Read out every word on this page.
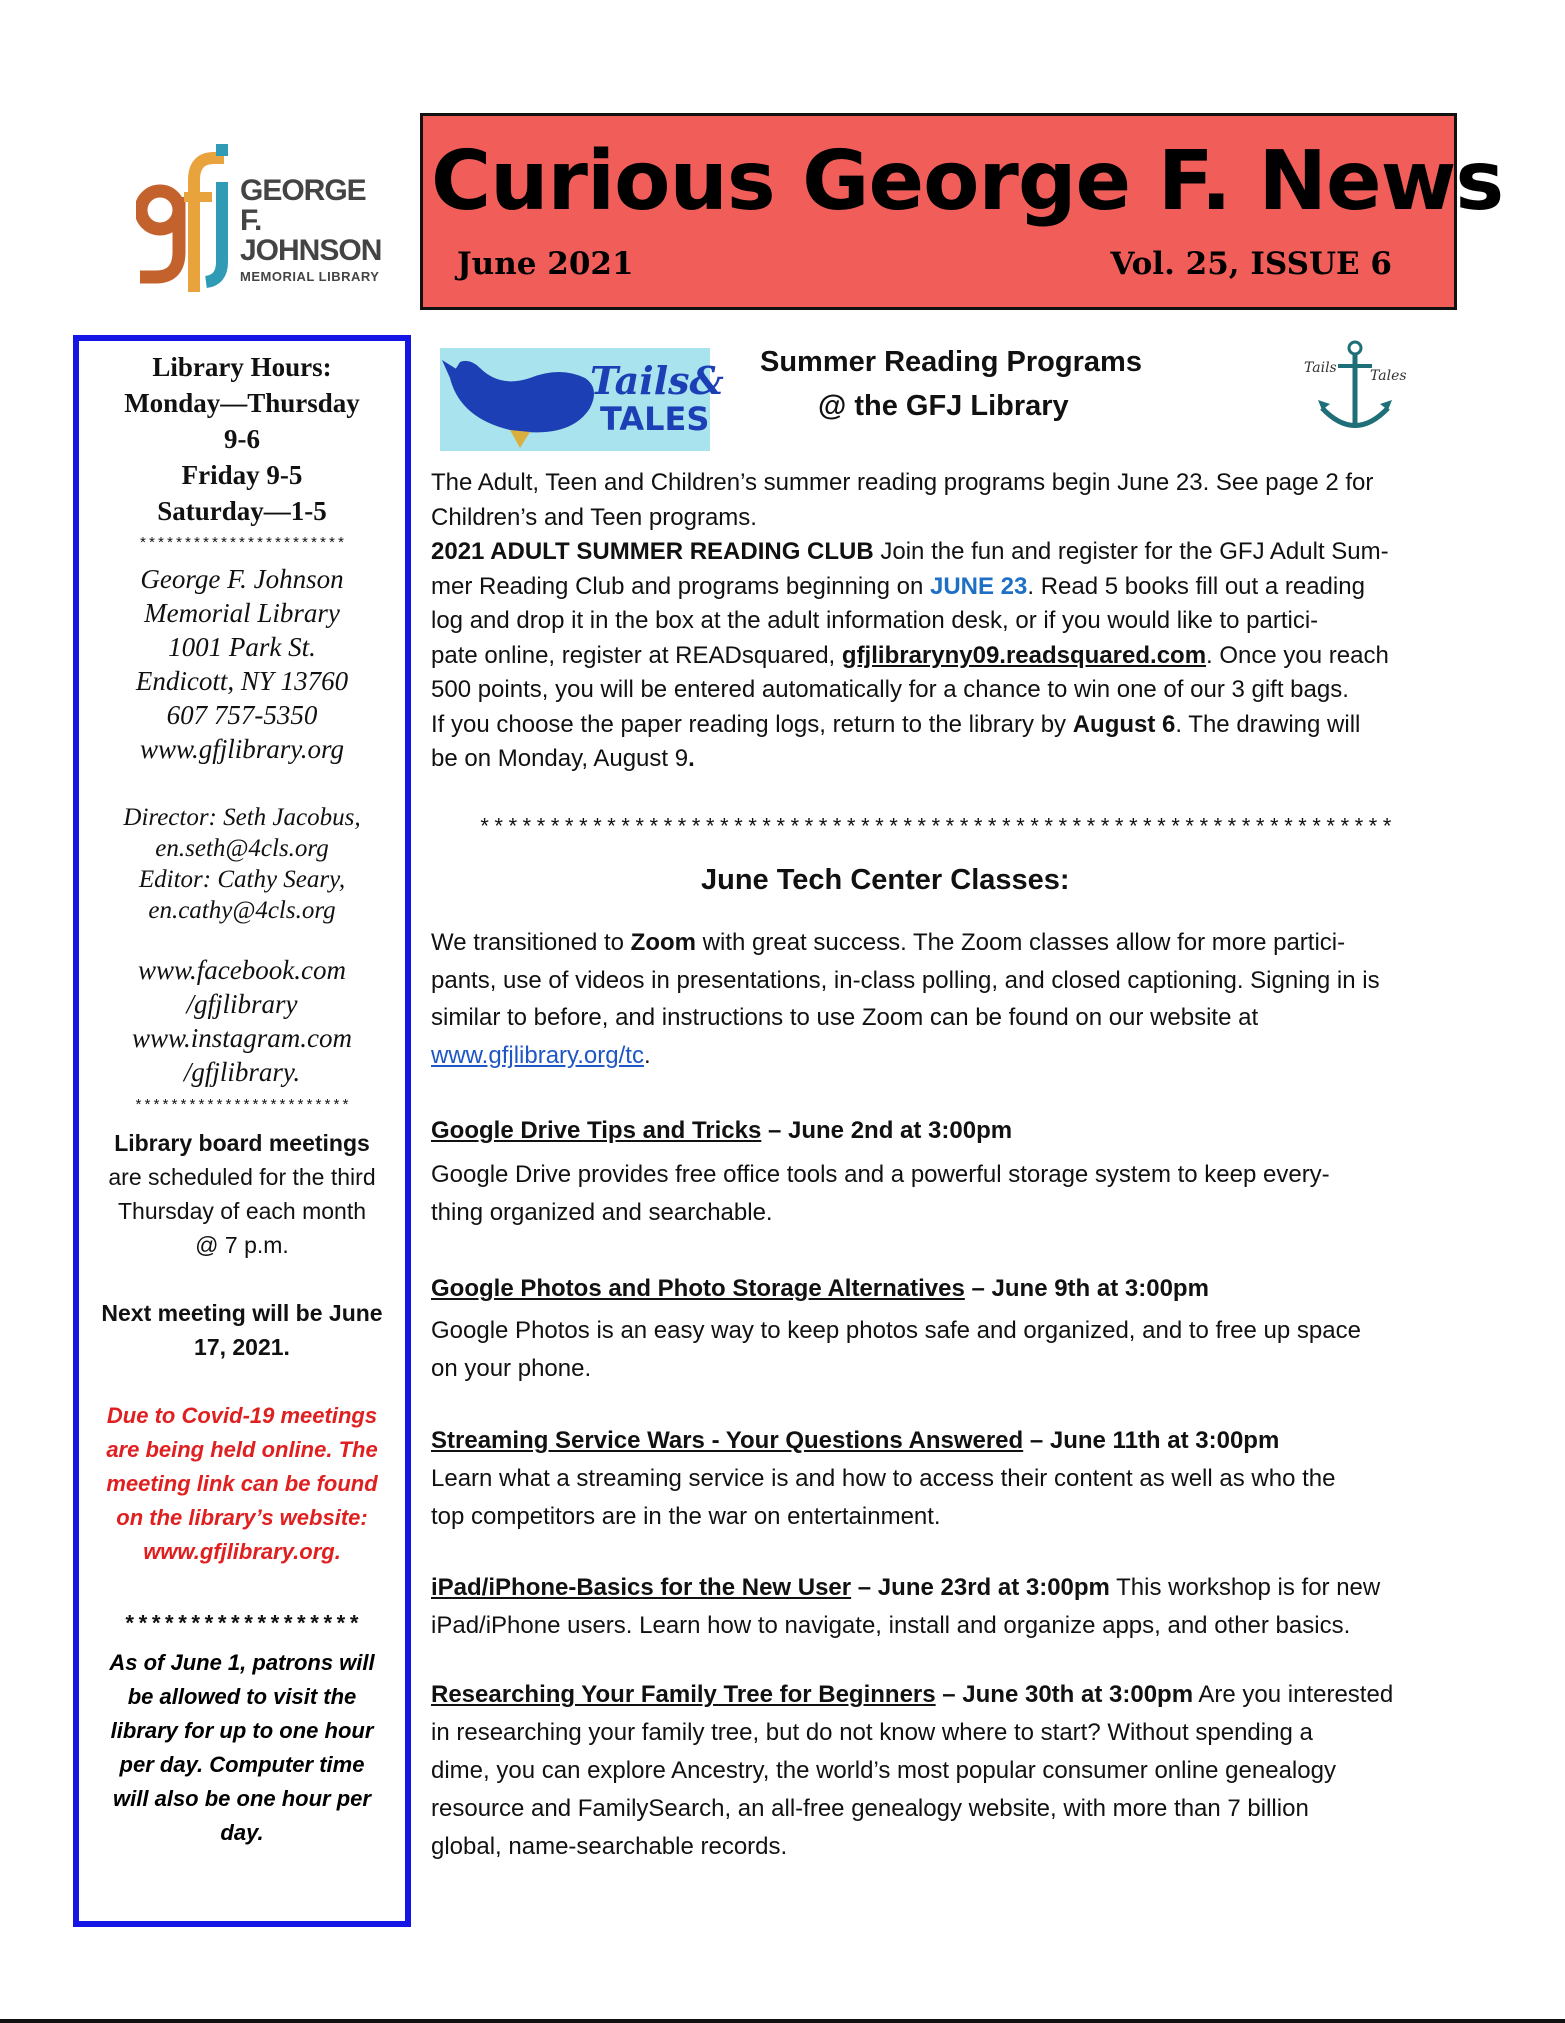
GEORGE F.
JOHNSON
MEMORIAL LIBRARY
Curious George F. News
June 2021	Vol. 25, ISSUE 6
Library Hours:
Monday—Thursday
9-6
Friday 9-5
Saturday—1-5
***********************
George F. Johnson
Memorial Library
1001 Park St.
Endicott, NY 13760
607 757-5350
www.gfjlibrary.org
Director: Seth Jacobus,
en.seth@4cls.org
Editor: Cathy Seary,
en.cathy@4cls.org
www.facebook.com
/gfjlibrary
www.instagram.com
/gfjlibrary.
************************
Library board meetings
are scheduled for the third
Thursday of each month
@ 7 p.m.
Next meeting will be June
17, 2021.
Due to Covid-19 meetings
are being held online. The
meeting link can be found
on the library’s website:
www.gfjlibrary.org.
******************
As of June 1, patrons will
be allowed to visit the
library for up to one hour
per day. Computer time
will also be one hour per
day.
Tails&
TALES
Summer Reading Programs
@ the GFJ Library
Tails Tales
The Adult, Teen and Children’s summer reading programs begin June 23. See page 2 for
Children’s and Teen programs.
2021 ADULT SUMMER READING CLUB Join the fun and register for the GFJ Adult Sum-
mer Reading Club and programs beginning on JUNE 23. Read 5 books fill out a reading
log and drop it in the box at the adult information desk, or if you would like to partici-
pate online, register at READsquared, gfjlibraryny09.readsquared.com. Once you reach
500 points, you will be entered automatically for a chance to win one of our 3 gift bags.
If you choose the paper reading logs, return to the library by August 6. The drawing will
be on Monday, August 9.
*****************************************************************
June Tech Center Classes:
We transitioned to Zoom with great success. The Zoom classes allow for more partici-
pants, use of videos in presentations, in-class polling, and closed captioning. Signing in is
similar to before, and instructions to use Zoom can be found on our website at
www.gfjlibrary.org/tc.
Google Drive Tips and Tricks – June 2nd at 3:00pm
Google Drive provides free office tools and a powerful storage system to keep every-
thing organized and searchable.
Google Photos and Photo Storage Alternatives – June 9th at 3:00pm
Google Photos is an easy way to keep photos safe and organized, and to free up space
on your phone.
Streaming Service Wars - Your Questions Answered – June 11th at 3:00pm
Learn what a streaming service is and how to access their content as well as who the
top competitors are in the war on entertainment.
iPad/iPhone-Basics for the New User – June 23rd at 3:00pm This workshop is for new
iPad/iPhone users. Learn how to navigate, install and organize apps, and other basics.
Researching Your Family Tree for Beginners – June 30th at 3:00pm Are you interested
in researching your family tree, but do not know where to start? Without spending a
dime, you can explore Ancestry, the world’s most popular consumer online genealogy
resource and FamilySearch, an all-free genealogy website, with more than 7 billion
global, name-searchable records.
